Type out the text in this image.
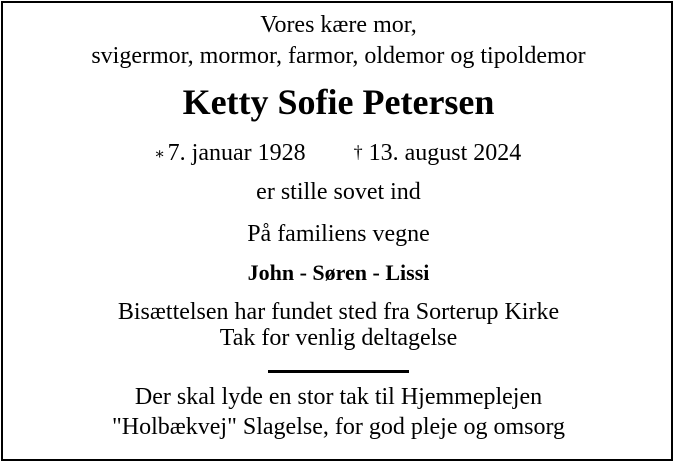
Vores kære mor,
svigermor, mormor, farmor, oldemor og tipoldemor
Ketty Sofie Petersen
⁎ 7. januar 1928	† 13. august 2024
er stille sovet ind
På familiens vegne
John - Søren - Lissi
Bisættelsen har fundet sted fra Sorterup Kirke
Tak for venlig deltagelse
Der skal lyde en stor tak til Hjemmeplejen
"Holbækvej" Slagelse, for god pleje og omsorg
